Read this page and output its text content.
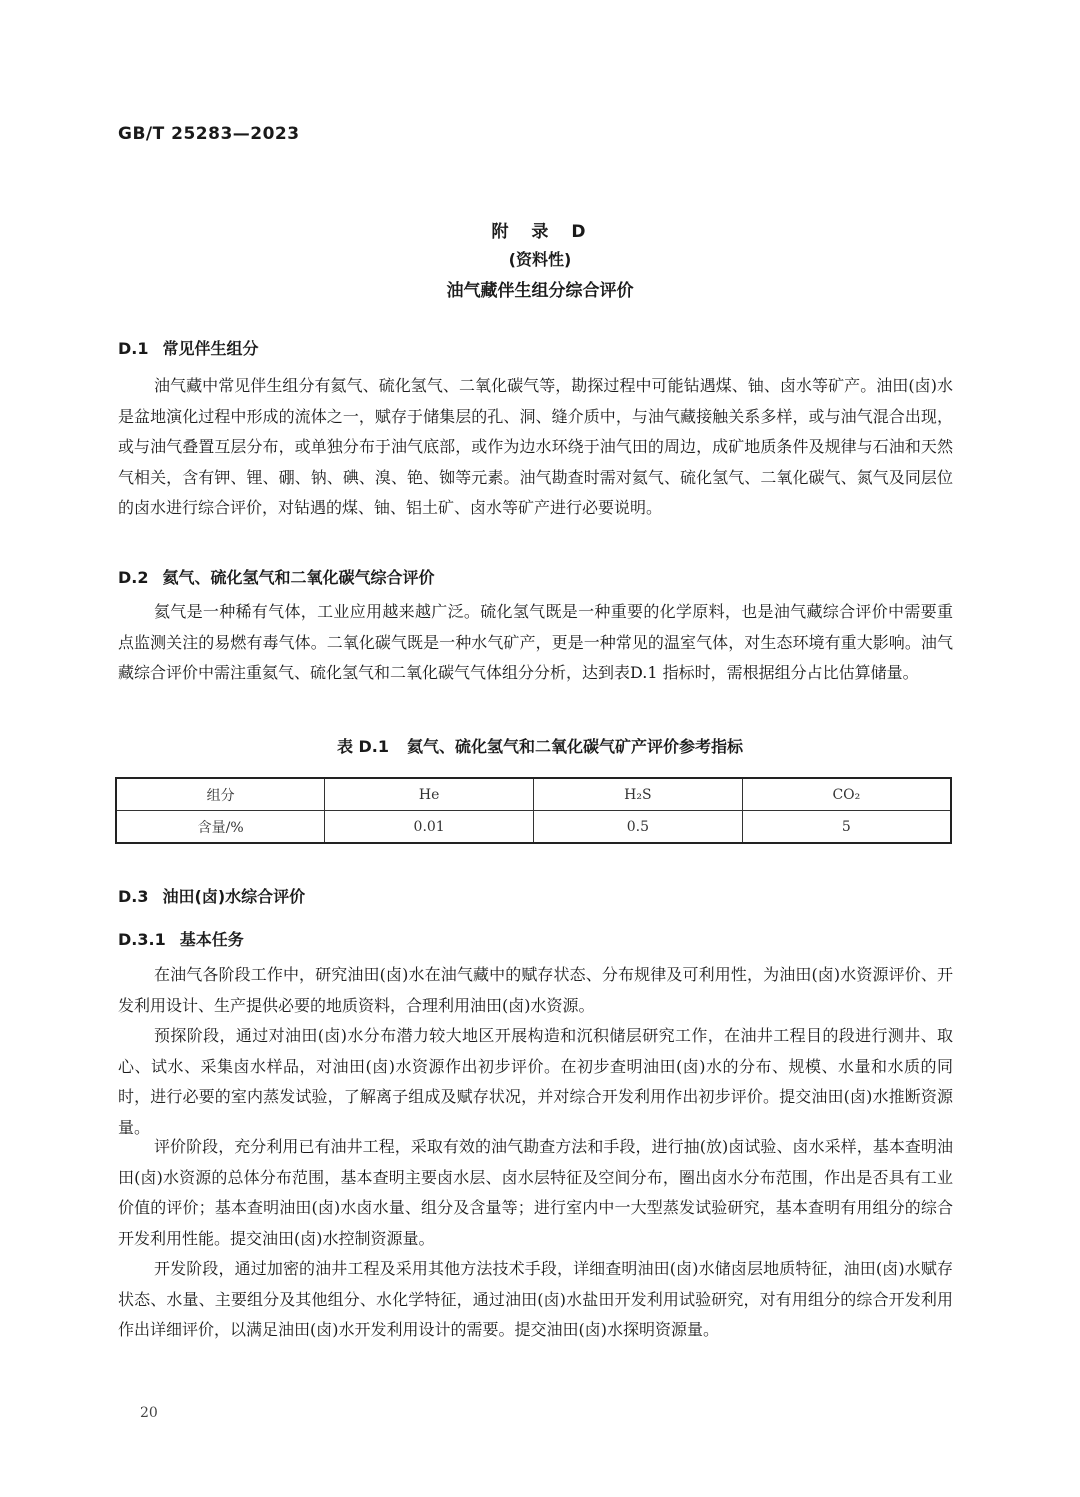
GB/T 25283—2023
附　录　D
(资料性)
油气藏伴生组分综合评价
D.1 常见伴生组分

油气藏中常见伴生组分有氦气、硫化氢气、二氧化碳气等，勘探过程中可能钻遇煤、铀、卤水等矿产。油田(卤)水是盆地演化过程中形成的流体之一，赋存于储集层的孔、洞、缝介质中，与油气藏接触关系多样，或与油气混合出现，或与油气叠置互层分布，或单独分布于油气底部，或作为边水环绕于油气田的周边，成矿地质条件及规律与石油和天然气相关，含有钾、锂、硼、钠、碘、溴、铯、铷等元素。油气勘查时需对氦气、硫化氢气、二氧化碳气、氮气及同层位的卤水进行综合评价，对钻遇的煤、铀、铝土矿、卤水等矿产进行必要说明。

D.2 氦气、硫化氢气和二氧化碳气综合评价

氦气是一种稀有气体，工业应用越来越广泛。硫化氢气既是一种重要的化学原料，也是油气藏综合评价中需要重点监测关注的易燃有毒气体。二氧化碳气既是一种水气矿产，更是一种常见的温室气体，对生态环境有重大影响。油气藏综合评价中需注重氦气、硫化氢气和二氧化碳气气体组分分析，达到表D.1 指标时，需根据组分占比估算储量。

表 D.1 氦气、硫化氢气和二氧化碳气矿产评价参考指标
组分	He	H₂S	CO₂
含量/%	0.01	0.5	5
D.3 油田(卤)水综合评价
D.3.1 基本任务

在油气各阶段工作中，研究油田(卤)水在油气藏中的赋存状态、分布规律及可利用性，为油田(卤)水资源评价、开发利用设计、生产提供必要的地质资料，合理利用油田(卤)水资源。

预探阶段，通过对油田(卤)水分布潜力较大地区开展构造和沉积储层研究工作，在油井工程目的段进行测井、取心、试水、采集卤水样品，对油田(卤)水资源作出初步评价。在初步查明油田(卤)水的分布、规模、水量和水质的同时，进行必要的室内蒸发试验，了解离子组成及赋存状况，并对综合开发利用作出初步评价。提交油田(卤)水推断资源量。

评价阶段，充分利用已有油井工程，采取有效的油气勘查方法和手段，进行抽(放)卤试验、卤水采样，基本查明油田(卤)水资源的总体分布范围，基本查明主要卤水层、卤水层特征及空间分布，圈出卤水分布范围，作出是否具有工业价值的评价；基本查明油田(卤)水卤水量、组分及含量等；进行室内中一大型蒸发试验研究，基本查明有用组分的综合开发利用性能。提交油田(卤)水控制资源量。

开发阶段，通过加密的油井工程及采用其他方法技术手段，详细查明油田(卤)水储卤层地质特征，油田(卤)水赋存状态、水量、主要组分及其他组分、水化学特征，通过油田(卤)水盐田开发利用试验研究，对有用组分的综合开发利用作出详细评价，以满足油田(卤)水开发利用设计的需要。提交油田(卤)水探明资源量。

20
